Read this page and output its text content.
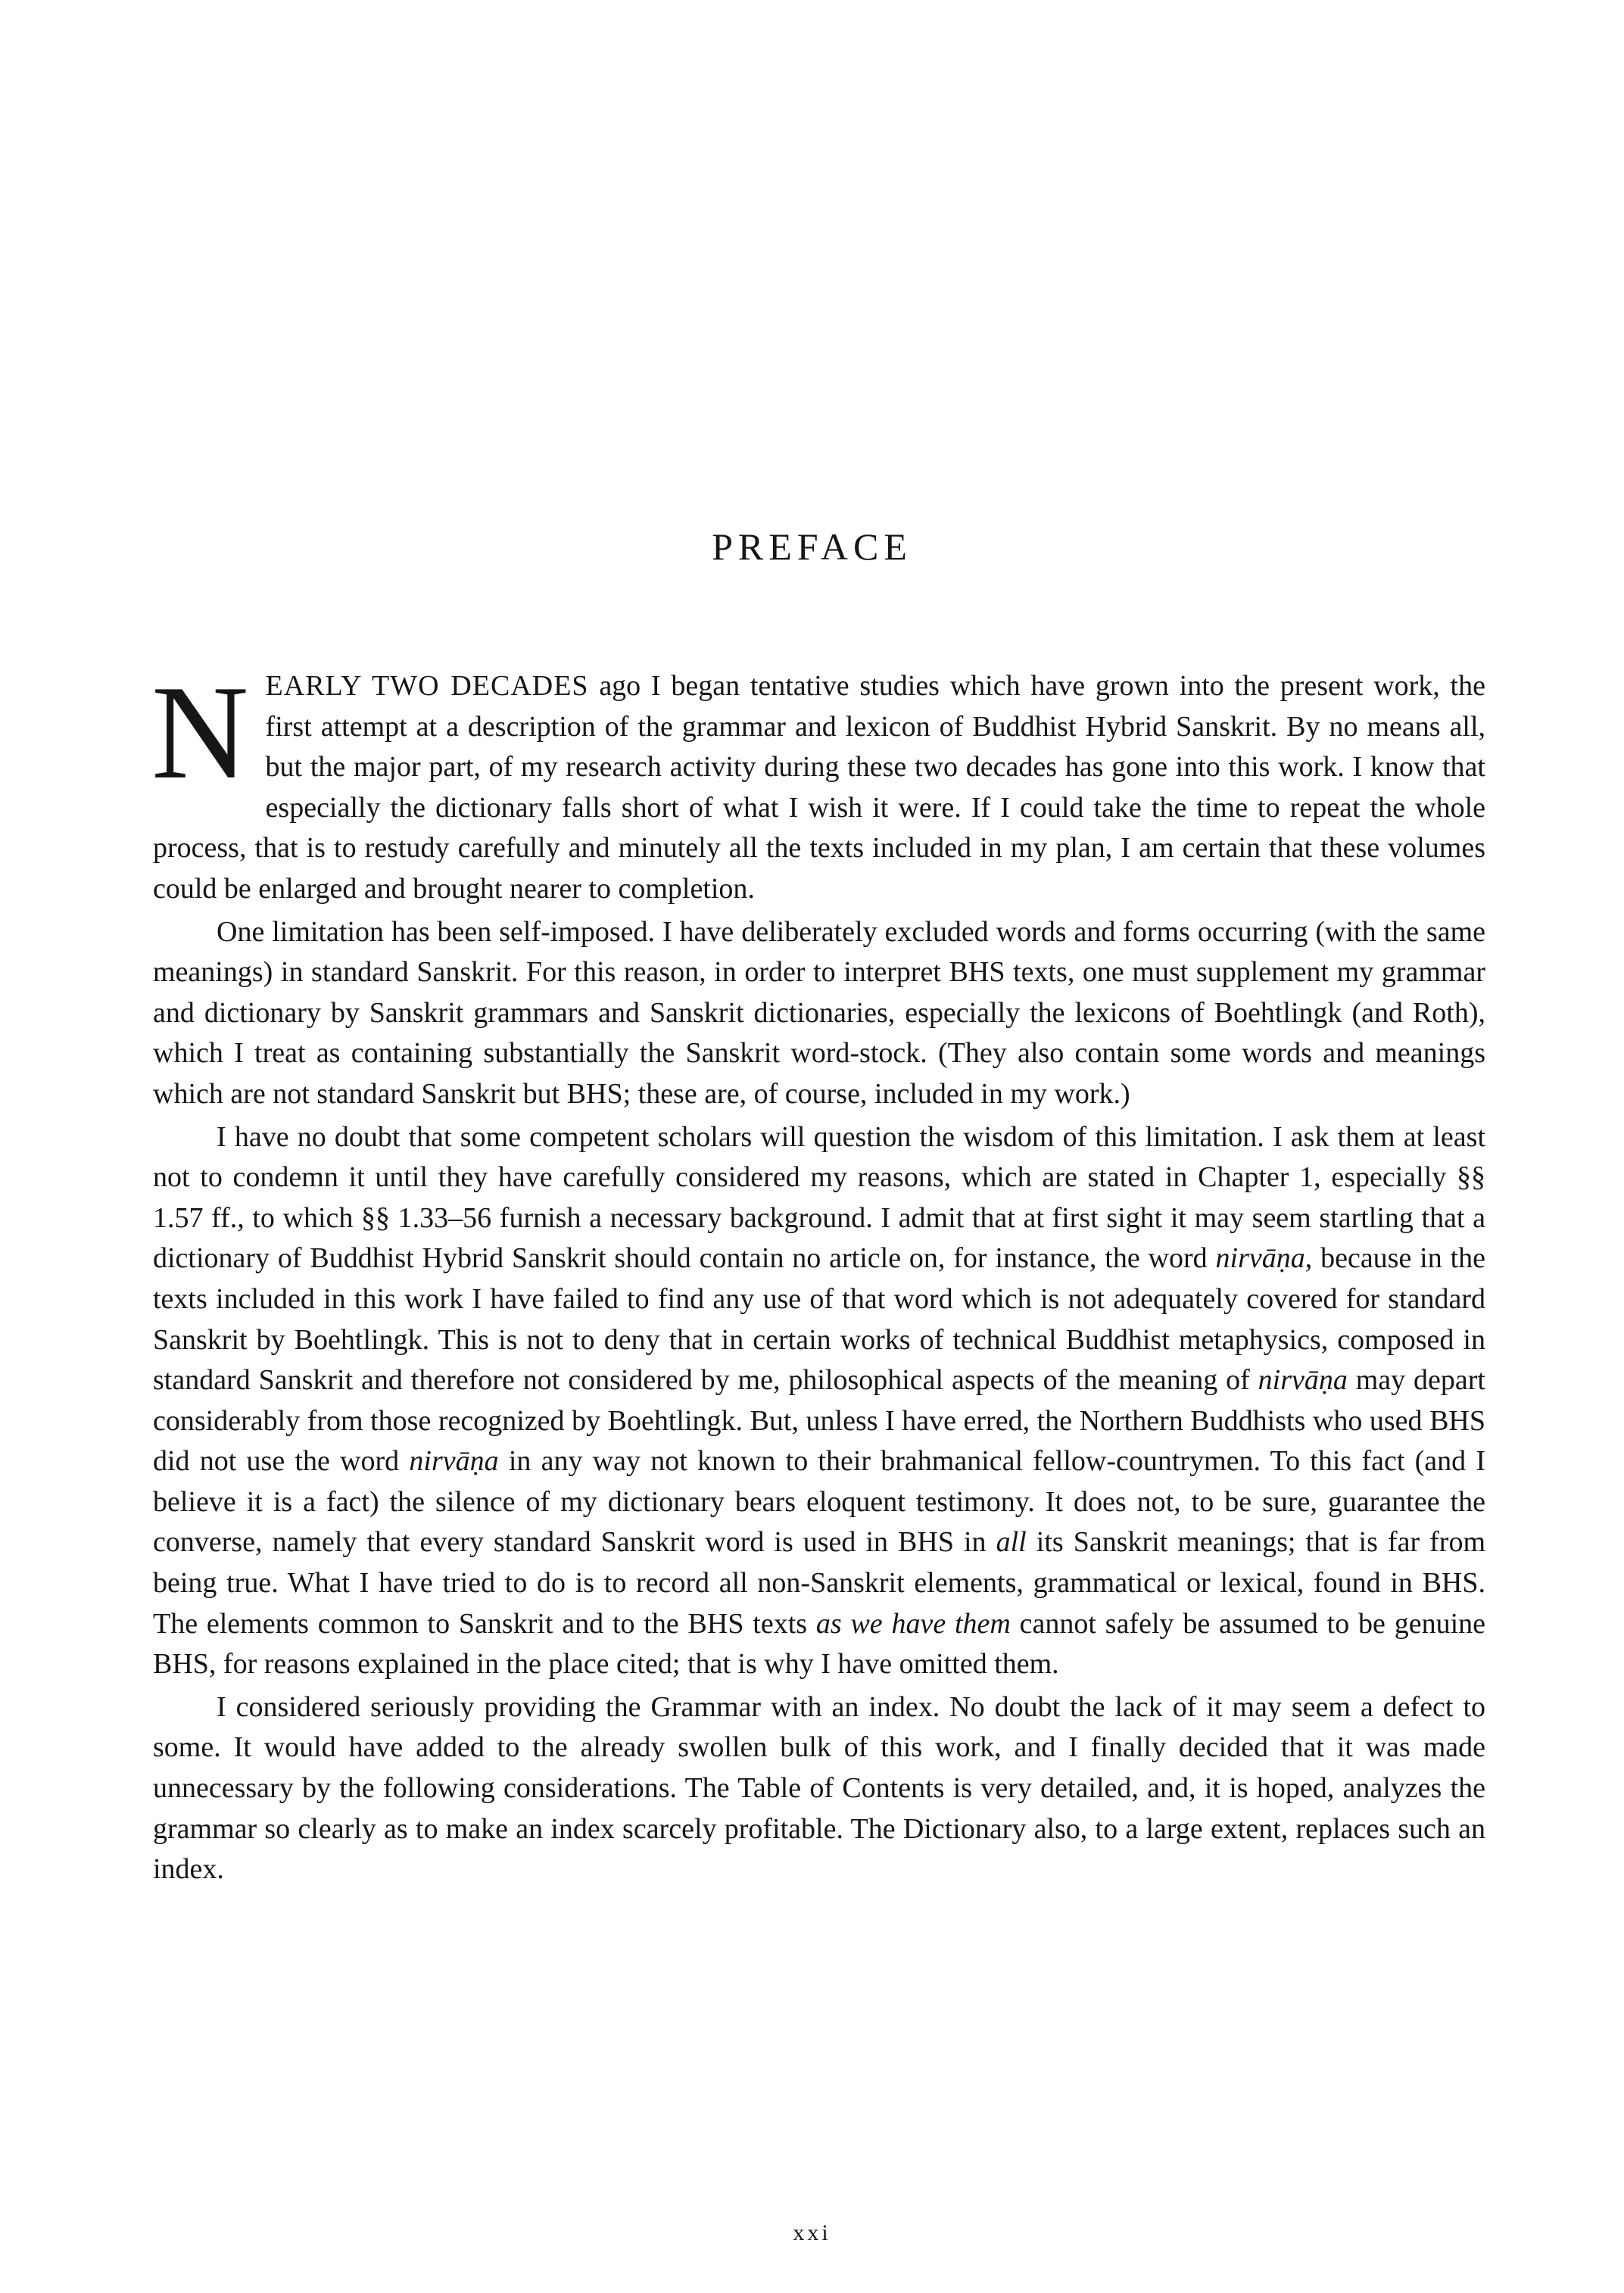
PREFACE

NEARLY TWO DECADES ago I began tentative studies which have grown into the present work, the first attempt at a description of the grammar and lexicon of Buddhist Hybrid Sanskrit. By no means all, but the major part, of my research activity during these two decades has gone into this work. I know that especially the dictionary falls short of what I wish it were. If I could take the time to repeat the whole process, that is to restudy carefully and minutely all the texts included in my plan, I am certain that these volumes could be enlarged and brought nearer to completion.

One limitation has been self-imposed. I have deliberately excluded words and forms occurring (with the same meanings) in standard Sanskrit. For this reason, in order to interpret BHS texts, one must supplement my grammar and dictionary by Sanskrit grammars and Sanskrit dictionaries, especially the lexicons of Boehtlingk (and Roth), which I treat as containing substantially the Sanskrit word-stock. (They also contain some words and meanings which are not standard Sanskrit but BHS; these are, of course, included in my work.)

I have no doubt that some competent scholars will question the wisdom of this limitation. I ask them at least not to condemn it until they have carefully considered my reasons, which are stated in Chapter 1, especially §§ 1.57 ff., to which §§ 1.33–56 furnish a necessary background. I admit that at first sight it may seem startling that a dictionary of Buddhist Hybrid Sanskrit should contain no article on, for instance, the word nirvāṇa, because in the texts included in this work I have failed to find any use of that word which is not adequately covered for standard Sanskrit by Boehtlingk. This is not to deny that in certain works of technical Buddhist metaphysics, composed in standard Sanskrit and therefore not considered by me, philosophical aspects of the meaning of nirvāṇa may depart considerably from those recognized by Boehtlingk. But, unless I have erred, the Northern Buddhists who used BHS did not use the word nirvāṇa in any way not known to their brahmanical fellow-countrymen. To this fact (and I believe it is a fact) the silence of my dictionary bears eloquent testimony. It does not, to be sure, guarantee the converse, namely that every standard Sanskrit word is used in BHS in all its Sanskrit meanings; that is far from being true. What I have tried to do is to record all non-Sanskrit elements, grammatical or lexical, found in BHS. The elements common to Sanskrit and to the BHS texts as we have them cannot safely be assumed to be genuine BHS, for reasons explained in the place cited; that is why I have omitted them.

I considered seriously providing the Grammar with an index. No doubt the lack of it may seem a defect to some. It would have added to the already swollen bulk of this work, and I finally decided that it was made unnecessary by the following considerations. The Table of Contents is very detailed, and, it is hoped, analyzes the grammar so clearly as to make an index scarcely profitable. The Dictionary also, to a large extent, replaces such an index.

xxi
